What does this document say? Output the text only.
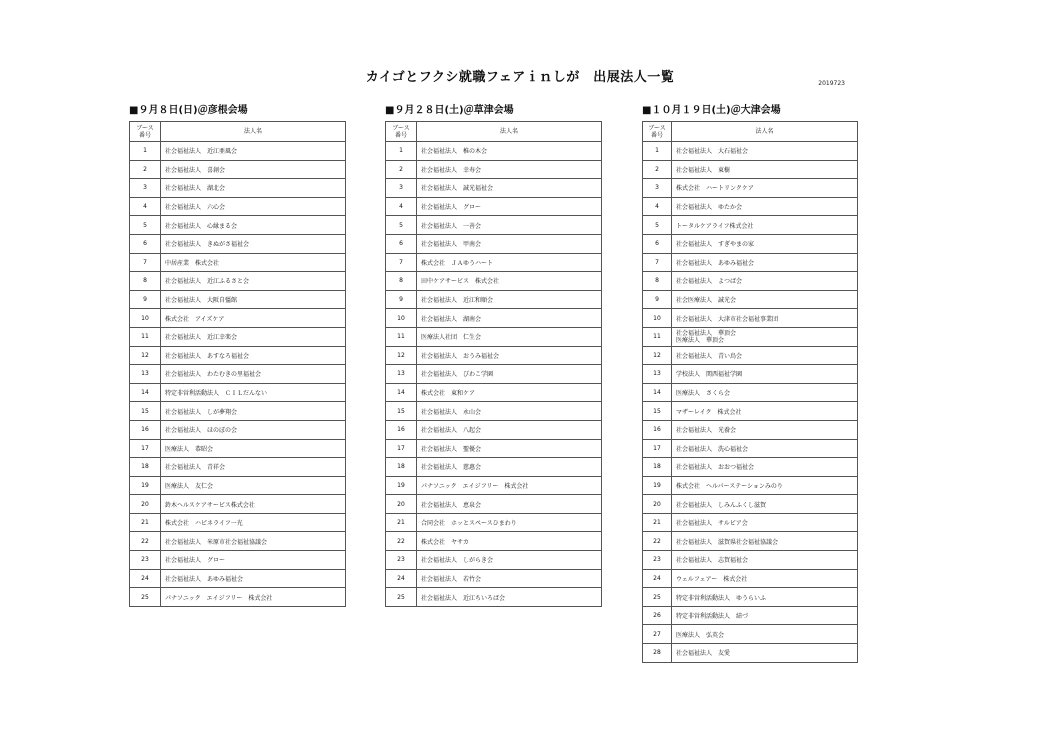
カイゴとフクシ就職フェアｉｎしが　出展法人一覧	2019723
■９月８日(日)＠彦根会場
ブース
番号	法人名
1	社会福祉法人　近江亜風会
2	社会福祉法人　喜創会
3	社会福祉法人　湖北会
4	社会福祉法人　六心会
5	社会福祉法人　心縁まる会
6	社会福祉法人　きぬがさ福祉会
7	中居産業　株式会社
8	社会福祉法人　近江ふるさと会
9	社会福祉法人　大阪自彊館
10	株式会社　アイズケア
11	社会福祉法人　近江幸楽会
12	社会福祉法人　あすなろ福祉会
13	社会福祉法人　わたむきの里福祉会
14	特定非営利活動法人　ＣＩＬだんない
15	社会福祉法人　しが夢翔会
16	社会福祉法人　ほのぼの会
17	医療法人　恭昭会
18	社会福祉法人　青祥会
19	医療法人　友仁会
20	鈴木ヘルスケアサービス株式会社
21	株式会社　ハピネライフ一光
22	社会福祉法人　米原市社会福祉協議会
23	社会福祉法人　グロー
24	社会福祉法人　あゆみ福祉会
25	パナソニック　エイジフリー　株式会社
■９月２８日(土)＠草津会場
ブース
番号	法人名
1	社会福祉法人　椎の木会
2	社会福祉法人　幸寿会
3	社会福祉法人　誠光福祉会
4	社会福祉法人　グロー
5	社会福祉法人　一善会
6	社会福祉法人　甲南会
7	株式会社　ＪＡゆうハート
8	田中ケアサービス　株式会社
9	社会福祉法人　近江和順会
10	社会福祉法人　湖南会
11	医療法人社団　仁生会
12	社会福祉法人　おうみ福祉会
13	社会福祉法人　びわこ学園
14	株式会社　東和ケア
15	社会福祉法人　永山会
16	社会福祉法人　八起会
17	社会福祉法人　聖優会
18	社会福祉法人　慈惠会
19	パナソニック　エイジフリー　株式会社
20	社会福祉法人　恵泉会
21	合同会社　ホッとスペースひまわり
22	株式会社　ヤサカ
23	社会福祉法人　しがらき会
24	社会福祉法人　若竹会
25	社会福祉法人　近江ちいろば会
■１０月１９日(土)＠大津会場
ブース
番号	法人名
1	社会福祉法人　大石福祉会
2	社会福祉法人　東樹
3	株式会社　ハートリンクケア
4	社会福祉法人　ゆたか会
5	トータルケアライフ株式会社
6	社会福祉法人　すぎやまの家
7	社会福祉法人　あゆみ福祉会
8	社会福祉法人　よつば会
9	社会医療法人　誠光会
10	社会福祉法人　大津市社会福祉事業団
11	社会福祉法人　華頂会
医療法人　華頂会
12	社会福祉法人　青い鳥会
13	学校法人　関西福祉学園
14	医療法人　さくら会
15	マザーレイク　株式会社
16	社会福祉法人　光養会
17	社会福祉法人　洗心福祉会
18	社会福祉法人　おおつ福祉会
19	株式会社　ヘルパーステーションみのり
20	社会福祉法人　しみんふくし滋賀
21	社会福祉法人　サルビア会
22	社会福祉法人　滋賀県社会福祉協議会
23	社会福祉法人　志賀福祉会
24	ウェルフェアー　株式会社
25	特定非営利活動法人　ゆうらいふ
26	特定非営利活動法人　結づ
27	医療法人　弘英会
28	社会福祉法人　友愛
